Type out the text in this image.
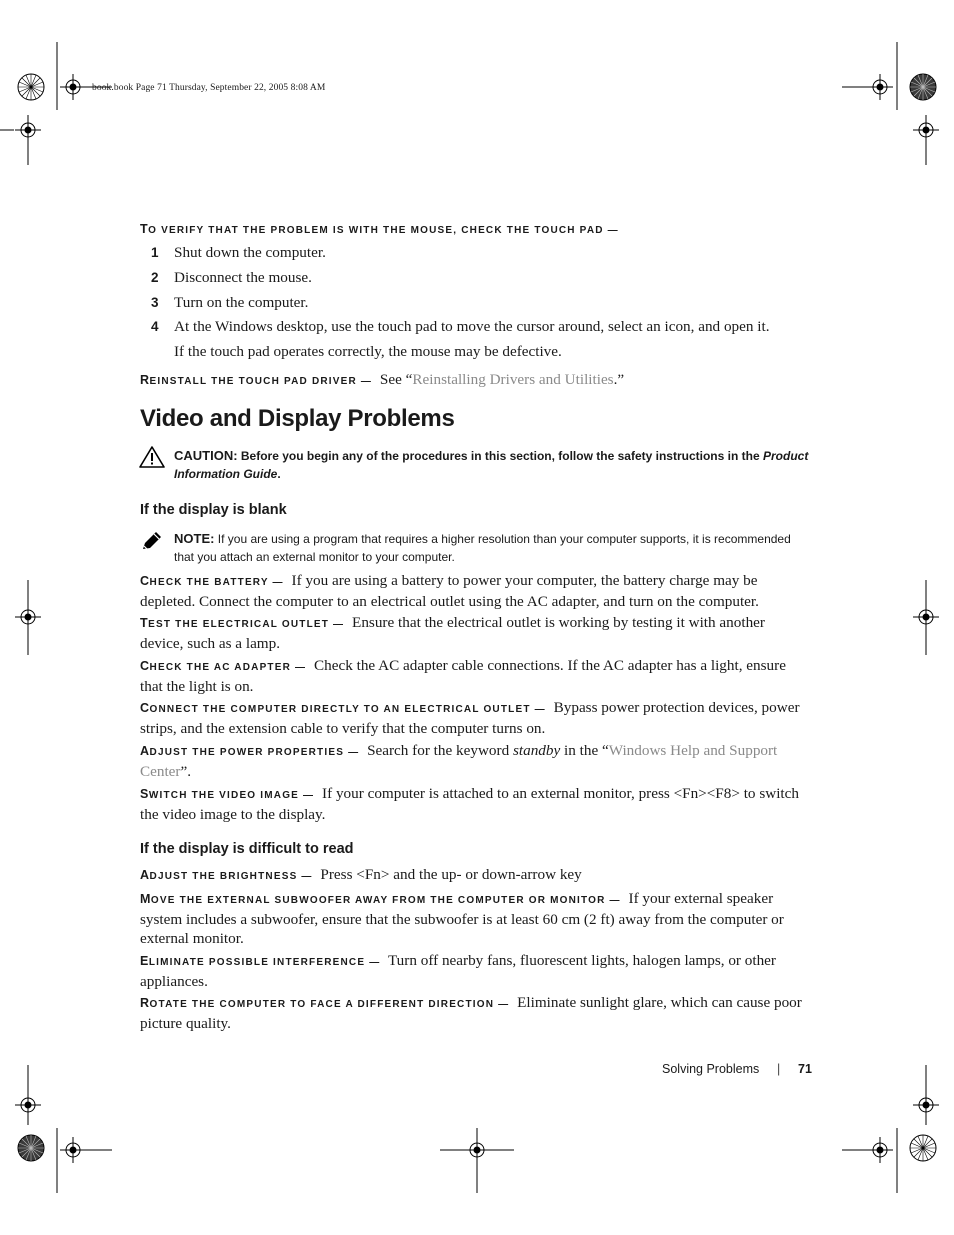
book.book Page 71 Thursday, September 22, 2005 8:08 AM
TO VERIFY THAT THE PROBLEM IS WITH THE MOUSE, CHECK THE TOUCH PAD —
1 Shut down the computer.
2 Disconnect the mouse.
3 Turn on the computer.
4 At the Windows desktop, use the touch pad to move the cursor around, select an icon, and open it.
If the touch pad operates correctly, the mouse may be defective.
REINSTALL THE TOUCH PAD DRIVER — See “Reinstalling Drivers and Utilities.”
Video and Display Problems
CAUTION: Before you begin any of the procedures in this section, follow the safety instructions in the Product Information Guide.
If the display is blank
NOTE: If you are using a program that requires a higher resolution than your computer supports, it is recommended that you attach an external monitor to your computer.
CHECK THE BATTERY — If you are using a battery to power your computer, the battery charge may be depleted. Connect the computer to an electrical outlet using the AC adapter, and turn on the computer.
TEST THE ELECTRICAL OUTLET — Ensure that the electrical outlet is working by testing it with another device, such as a lamp.
CHECK THE AC ADAPTER — Check the AC adapter cable connections. If the AC adapter has a light, ensure that the light is on.
CONNECT THE COMPUTER DIRECTLY TO AN ELECTRICAL OUTLET — Bypass power protection devices, power strips, and the extension cable to verify that the computer turns on.
ADJUST THE POWER PROPERTIES — Search for the keyword standby in the “Windows Help and Support Center”.
SWITCH THE VIDEO IMAGE — If your computer is attached to an external monitor, press <Fn><F8> to switch the video image to the display.
If the display is difficult to read
ADJUST THE BRIGHTNESS — Press <Fn> and the up- or down-arrow key
MOVE THE EXTERNAL SUBWOOFER AWAY FROM THE COMPUTER OR MONITOR — If your external speaker system includes a subwoofer, ensure that the subwoofer is at least 60 cm (2 ft) away from the computer or external monitor.
ELIMINATE POSSIBLE INTERFERENCE — Turn off nearby fans, fluorescent lights, halogen lamps, or other appliances.
ROTATE THE COMPUTER TO FACE A DIFFERENT DIRECTION — Eliminate sunlight glare, which can cause poor picture quality.
Solving Problems | 71
